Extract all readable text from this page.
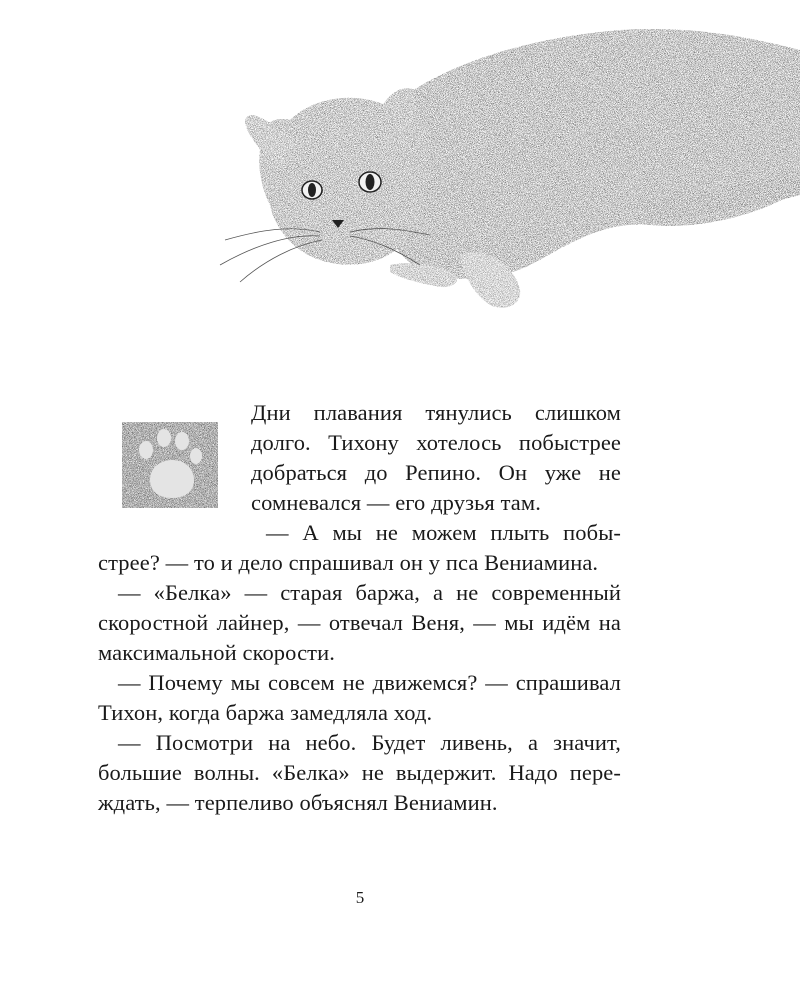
Дни плавания тянулись слишком
долго. Тихону хотелось побыстрее
добраться до Репино. Он уже не
сомневался — его друзья там.
— А мы не можем плыть побы-
стрее? — то и дело спрашивал он у пса Вениамина.
— «Белка» — старая баржа, а не современный
скоростной лайнер, — отвечал Веня, — мы идём на
максимальной скорости.
— Почему мы совсем не движемся? — спрашивал
Тихон, когда баржа замедляла ход.
— Посмотри на небо. Будет ливень, а значит,
большие волны. «Белка» не выдержит. Надо пере-
ждать, — терпеливо объяснял Вениамин.
5
